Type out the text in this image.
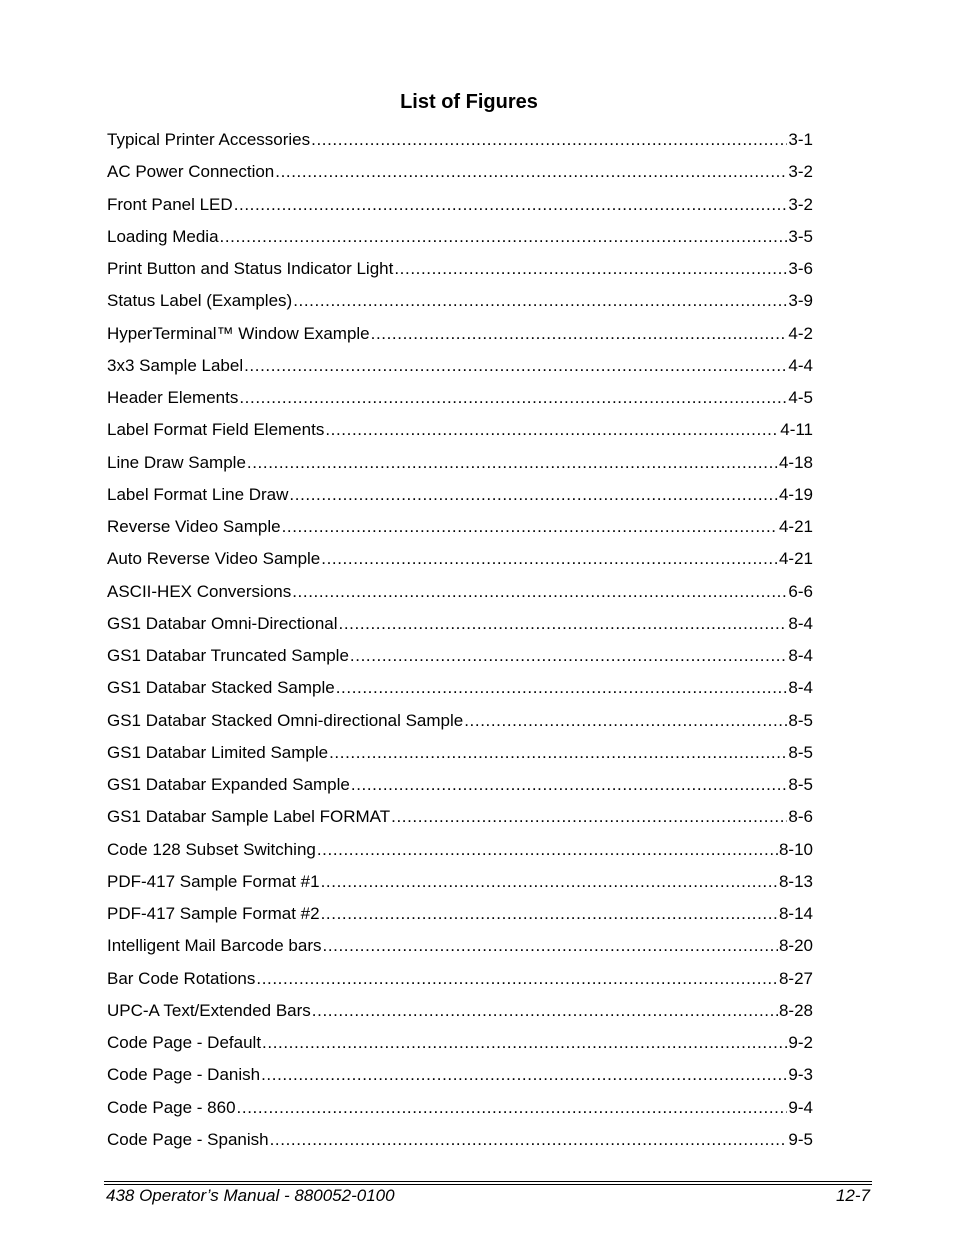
List of Figures
Typical Printer Accessories .....	3-1
AC Power Connection .....	3-2
Front Panel LED .....	3-2
Loading Media .....	3-5
Print Button and Status Indicator Light .....	3-6
Status Label (Examples) .....	3-9
HyperTerminal™ Window Example .....	4-2
3x3 Sample Label .....	4-4
Header Elements .....	4-5
Label Format Field Elements .....	4-11
Line Draw Sample .....	4-18
Label Format Line Draw .....	4-19
Reverse Video Sample .....	4-21
Auto Reverse Video Sample .....	4-21
ASCII-HEX Conversions .....	6-6
GS1 Databar Omni-Directional .....	8-4
GS1 Databar Truncated Sample .....	8-4
GS1 Databar Stacked Sample .....	8-4
GS1 Databar Stacked Omni-directional Sample .....	8-5
GS1 Databar Limited Sample .....	8-5
GS1 Databar Expanded Sample .....	8-5
GS1 Databar Sample Label FORMAT .....	8-6
Code 128 Subset Switching .....	8-10
PDF-417 Sample Format #1 .....	8-13
PDF-417 Sample Format #2 .....	8-14
Intelligent Mail Barcode bars .....	8-20
Bar Code Rotations .....	8-27
UPC-A Text/Extended Bars .....	8-28
Code Page - Default .....	9-2
Code Page - Danish .....	9-3
Code Page - 860 .....	9-4
Code Page - Spanish .....	9-5
438 Operator’s Manual - 880052-0100	12-7
